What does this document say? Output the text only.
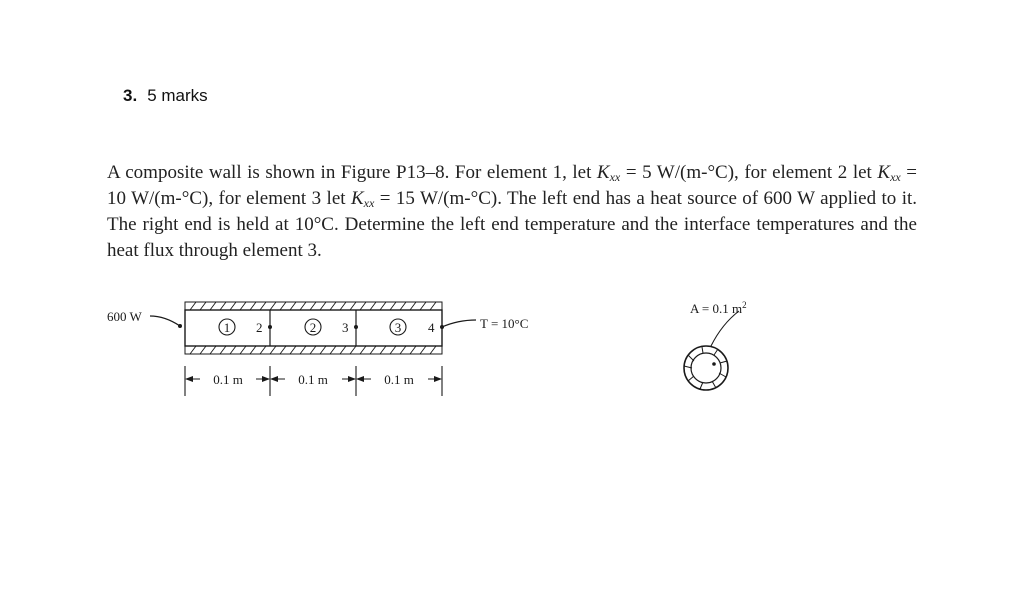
3. 5 marks
A composite wall is shown in Figure P13–8. For element 1, let $K_{xx} = 5$ W/(m-°C), for element 2 let $K_{xx} = 10$ W/(m-°C), for element 3 let $K_{xx} = 15$ W/(m-°C). The left end has a heat source of 600 W applied to it. The right end is held at 10°C. Determine the left end temperature and the interface temperatures and the heat flux through element 3.
600 W
1	2	3
2	3	4	T = 10°C
0.1 m	0.1 m	0.1 m
A = 0.1 $m^2$
